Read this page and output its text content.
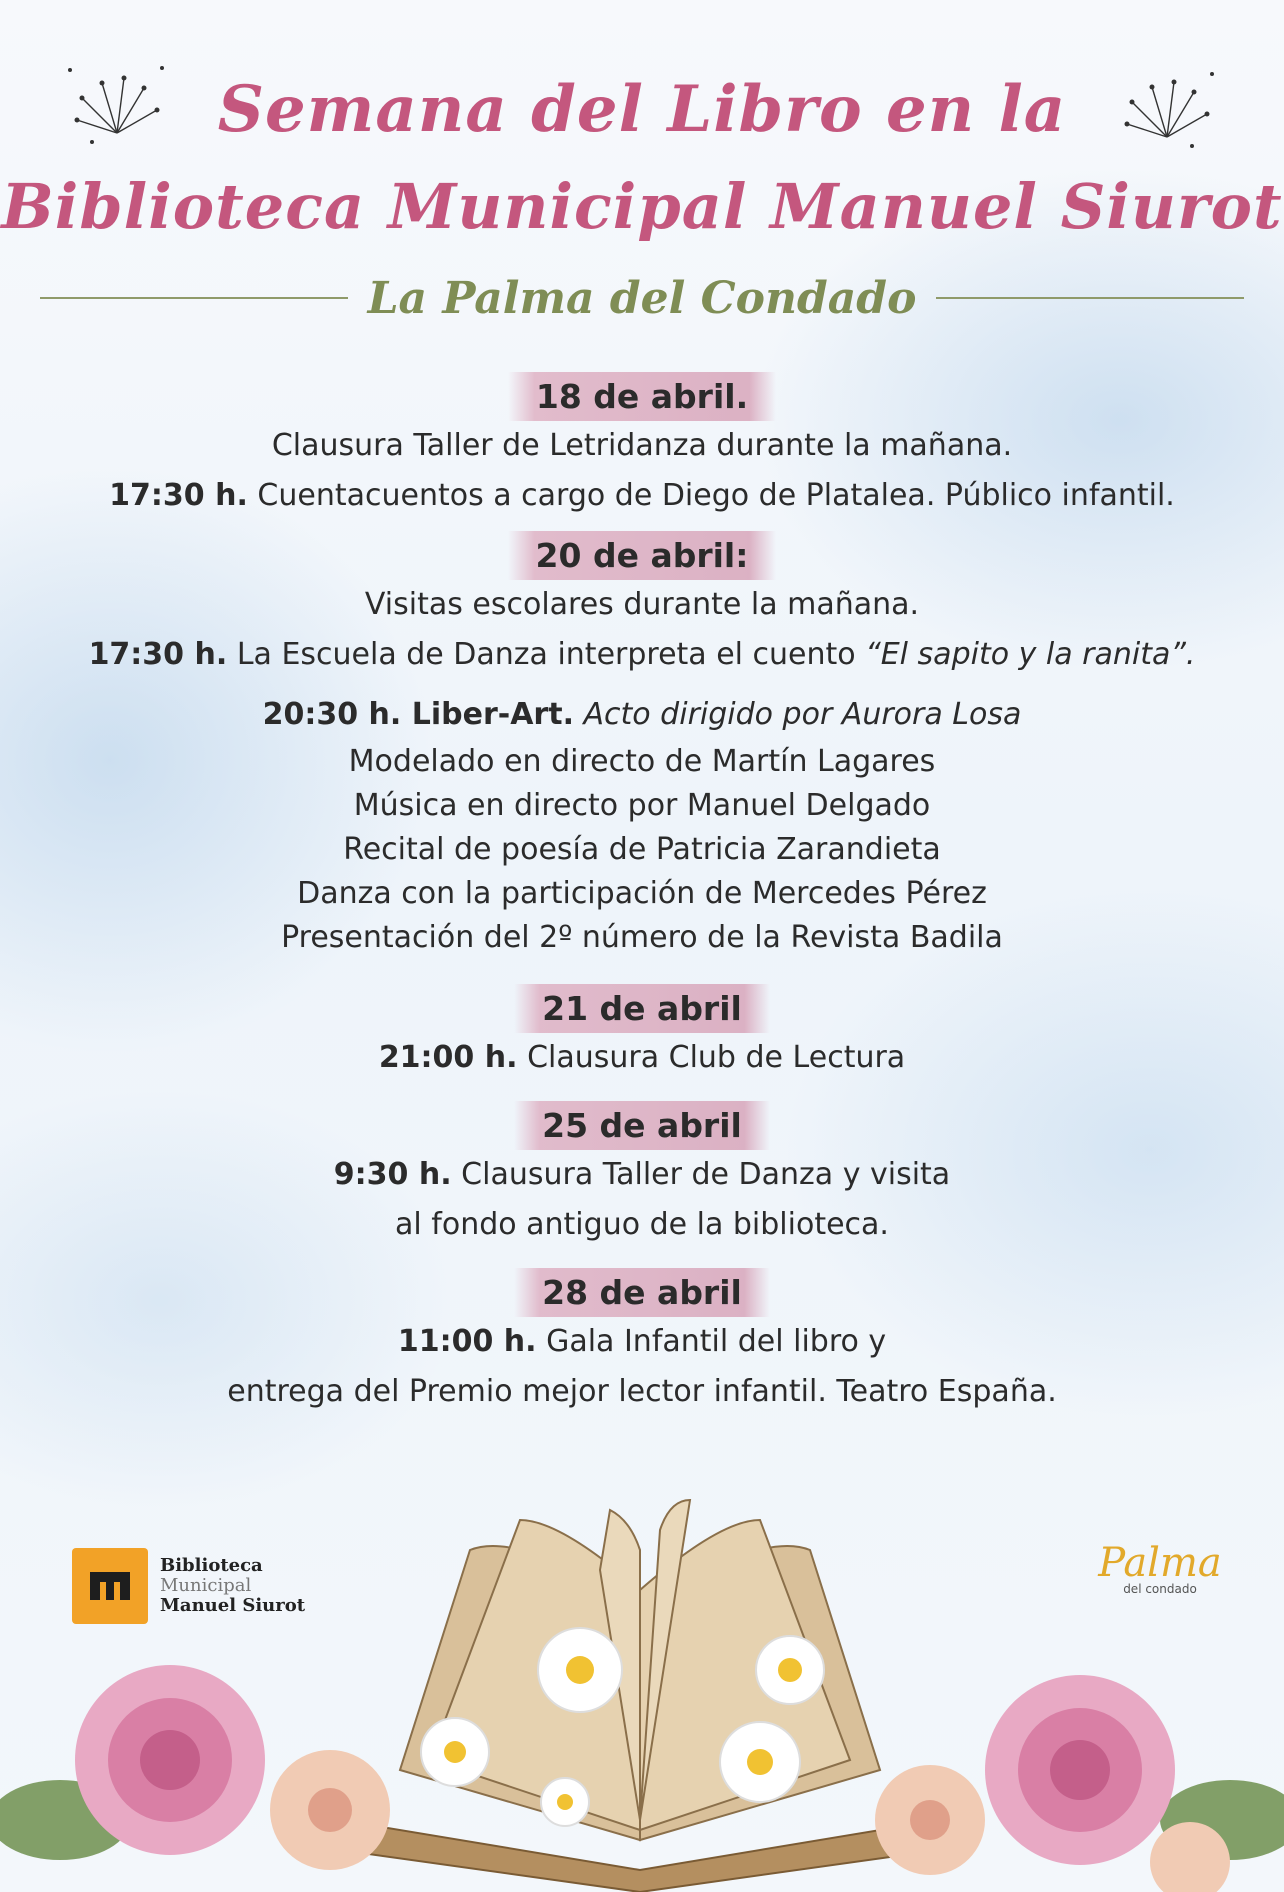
Semana del Libro en la
Biblioteca Municipal Manuel Siurot
La Palma del Condado
18 de abril.

Clausura Taller de Letridanza durante la mañana.

17:30 h. Cuentacuentos a cargo de Diego de Platalea. Público infantil.

20 de abril:

Visitas escolares durante la mañana.

17:30 h. La Escuela de Danza interpreta el cuento “El sapito y la ranita”.

20:30 h. Liber-Art. Acto dirigido por Aurora Losa

Modelado en directo de Martín Lagares

Música en directo por Manuel Delgado

Recital de poesía de Patricia Zarandieta

Danza con la participación de Mercedes Pérez

Presentación del 2º número de la Revista Badila

21 de abril

21:00 h. Clausura Club de Lectura

25 de abril

9:30 h. Clausura Taller de Danza y visita

al fondo antiguo de la biblioteca.

28 de abril

11:00 h. Gala Infantil del libro y

entrega del Premio mejor lector infantil. Teatro España.

Biblioteca
Municipal
Manuel Siurot
Palma
del condado
